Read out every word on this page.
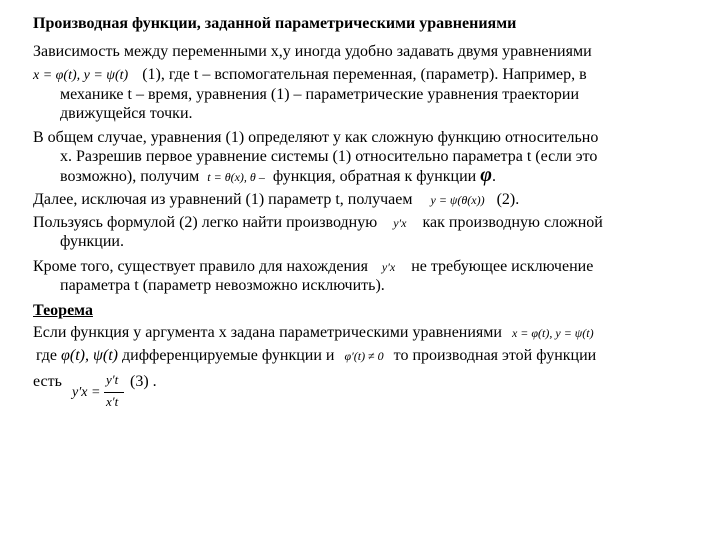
Производная функции, заданной параметрическими уравнениями
Зависимость между переменными x,y иногда удобно задавать двумя уравнениями
x = φ(t), y = ψ(t) (1), где t – вспомогательная переменная, (параметр). Например, в
механике t – время, уравнения (1) – параметрические уравнения траектории
движущейся точки.
В общем случае, уравнения (1) определяют y как сложную функцию относительно
x. Разрешив первое уравнение системы (1) относительно параметра t (если это
возможно), получим t = θ(x), θ – функция, обратная к функции φ.
Далее, исключая из уравнений (1) параметр t, получаем y = ψ(θ(x)) (2).
Пользуясь формулой (2) легко найти производную y′x как производную сложной
функции.
Кроме того, существует правило для нахождения y′x не требующее исключение
параметра t (параметр невозможно исключить).
Теорема
Если функция y аргумента x задана параметрическими уравнениями x = φ(t), y = ψ(t)
где φ(t), ψ(t) дифференцируемые функции и φ′(t) ≠ 0 то производная этой функции
есть
y′x =
y′t
x′t
(3) .
